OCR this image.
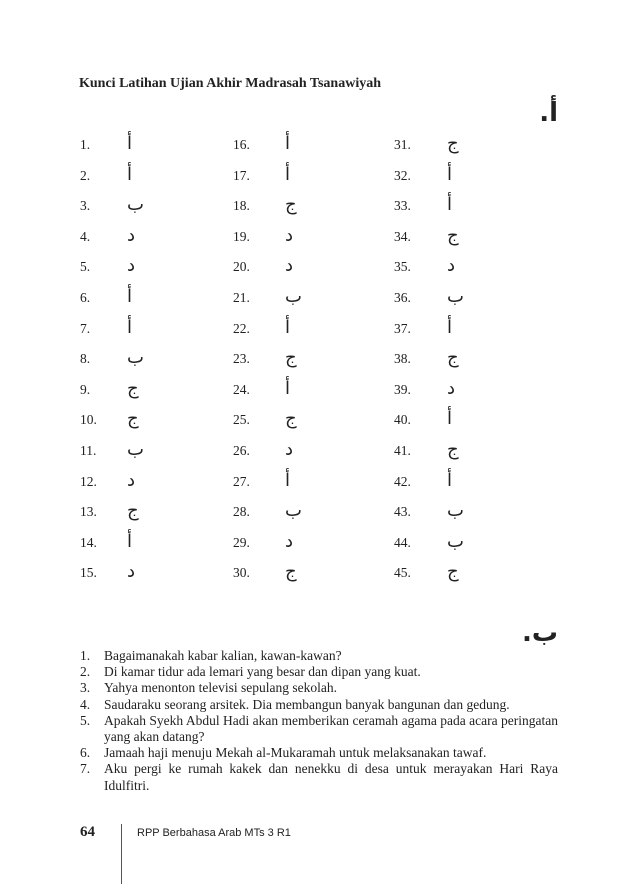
Kunci Latihan Ujian Akhir Madrasah Tsanawiyah
أ.
1. أ
2. أ
3. ب
4. د
5. د
6. أ
7. أ
8. ب
9. ج
10. ج
11. ب
12. د
13. ج
14. أ
15. د
16. أ
17. أ
18. ج
19. د
20. د
21. ب
22. أ
23. ج
24. أ
25. ج
26. د
27. أ
28. ب
29. د
30. ج
31. ج
32. أ
33. أ
34. ج
35. د
36. ب
37. أ
38. ج
39. د
40. أ
41. ج
42. أ
43. ب
44. ب
45. ج
ب.
1. Bagaimanakah kabar kalian, kawan-kawan?
2. Di kamar tidur ada lemari yang besar dan dipan yang kuat.
3. Yahya menonton televisi sepulang sekolah.
4. Saudaraku seorang arsitek. Dia membangun banyak bangunan dan gedung.
5. Apakah Syekh Abdul Hadi akan memberikan ceramah agama pada acara peringatan yang akan datang?
6. Jamaah haji menuju Mekah al-Mukaramah untuk melaksanakan tawaf.
7. Aku pergi ke rumah kakek dan nenekku di desa untuk merayakan Hari Raya Idulfitri.
64	RPP Berbahasa Arab MTs 3 R1
